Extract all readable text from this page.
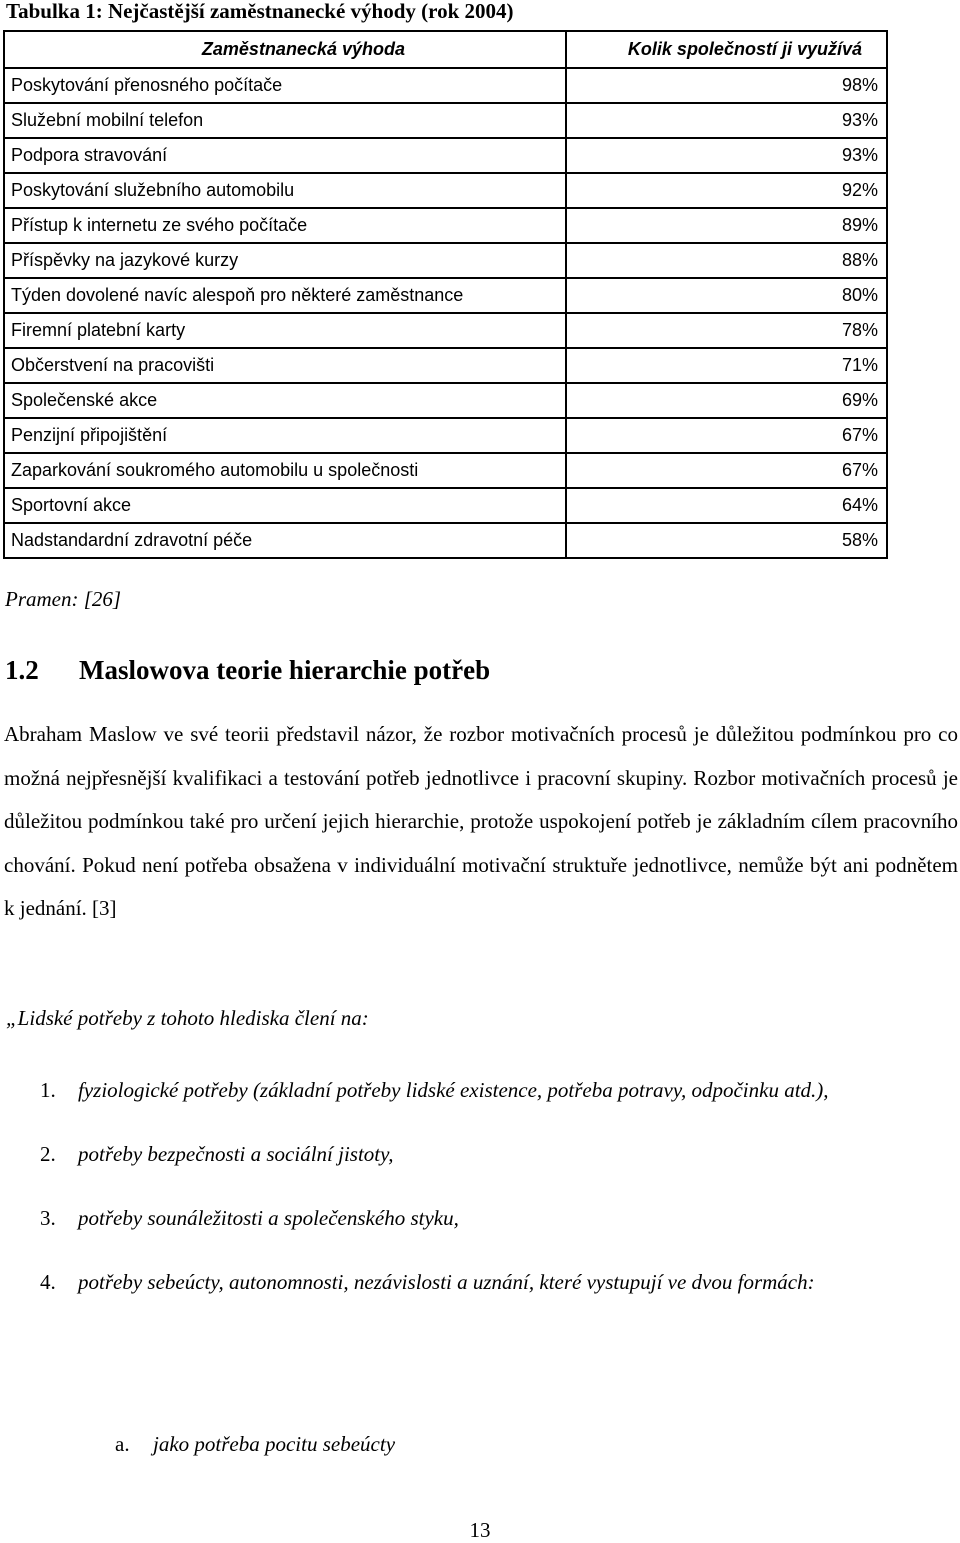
Tabulka 1: Nejčastější zaměstnanecké výhody (rok 2004)
Zaměstnanecká výhoda	Kolik společností ji využívá
Poskytování přenosného počítače	98%
Služební mobilní telefon	93%
Podpora stravování	93%
Poskytování služebního automobilu	92%
Přístup k internetu ze svého počítače	89%
Příspěvky na jazykové kurzy	88%
Týden dovolené navíc alespoň pro některé zaměstnance	80%
Firemní platební karty	78%
Občerstvení na pracovišti	71%
Společenské akce	69%
Penzijní připojištění	67%
Zaparkování soukromého automobilu u společnosti	67%
Sportovní akce	64%
Nadstandardní zdravotní péče	58%
Pramen: [26]
1.2 Maslowova teorie hierarchie potřeb
Abraham Maslow ve své teorii představil názor, že rozbor motivačních procesů je důležitou podmínkou pro co možná nejpřesnější kvalifikaci a testování potřeb jednotlivce i pracovní skupiny. Rozbor motivačních procesů je důležitou podmínkou také pro určení jejich hierarchie, protože uspokojení potřeb je základním cílem pracovního chování. Pokud není potřeba obsažena v individuální motivační struktuře jednotlivce, nemůže být ani podnětem k jednání. [3]
„Lidské potřeby z tohoto hlediska člení na:
1. fyziologické potřeby (základní potřeby lidské existence, potřeba potravy, odpočinku atd.),
2. potřeby bezpečnosti a sociální jistoty,
3. potřeby sounáležitosti a společenského styku,
4. potřeby sebeúcty, autonomnosti, nezávislosti a uznání, které vystupují ve dvou formách:
a. jako potřeba pocitu sebeúcty
13
